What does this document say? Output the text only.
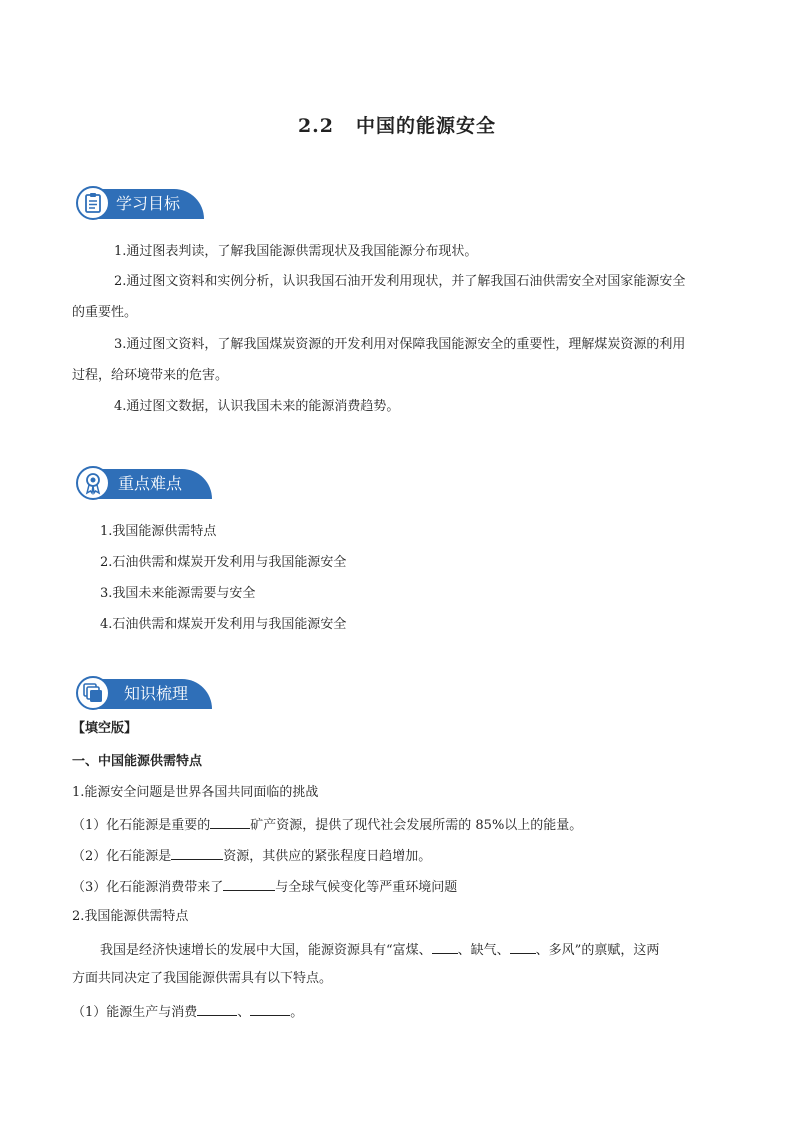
2.2 中国的能源安全
学习目标
1.通过图表判读，了解我国能源供需现状及我国能源分布现状。
2.通过图文资料和实例分析，认识我国石油开发利用现状，并了解我国石油供需安全对国家能源安全
的重要性。
3.通过图文资料，了解我国煤炭资源的开发利用对保障我国能源安全的重要性，理解煤炭资源的利用
过程，给环境带来的危害。
4.通过图文数据，认识我国未来的能源消费趋势。
重点难点
1.我国能源供需特点
2.石油供需和煤炭开发利用与我国能源安全
3.我国未来能源需要与安全
4.石油供需和煤炭开发利用与我国能源安全
知识梳理
【填空版】
一、中国能源供需特点
1.能源安全问题是世界各国共同面临的挑战
（1）化石能源是重要的	矿产资源，提供了现代社会发展所需的 85%以上的能量。
（2）化石能源是	资源，其供应的紧张程度日趋增加。
（3）化石能源消费带来了	与全球气候变化等严重环境问题
2.我国能源供需特点
我国是经济快速增长的发展中大国，能源资源具有“富煤、 、缺气、 、多风”的禀赋，这两
方面共同决定了我国能源供需具有以下特点。
（1）能源生产与消费	、	。
